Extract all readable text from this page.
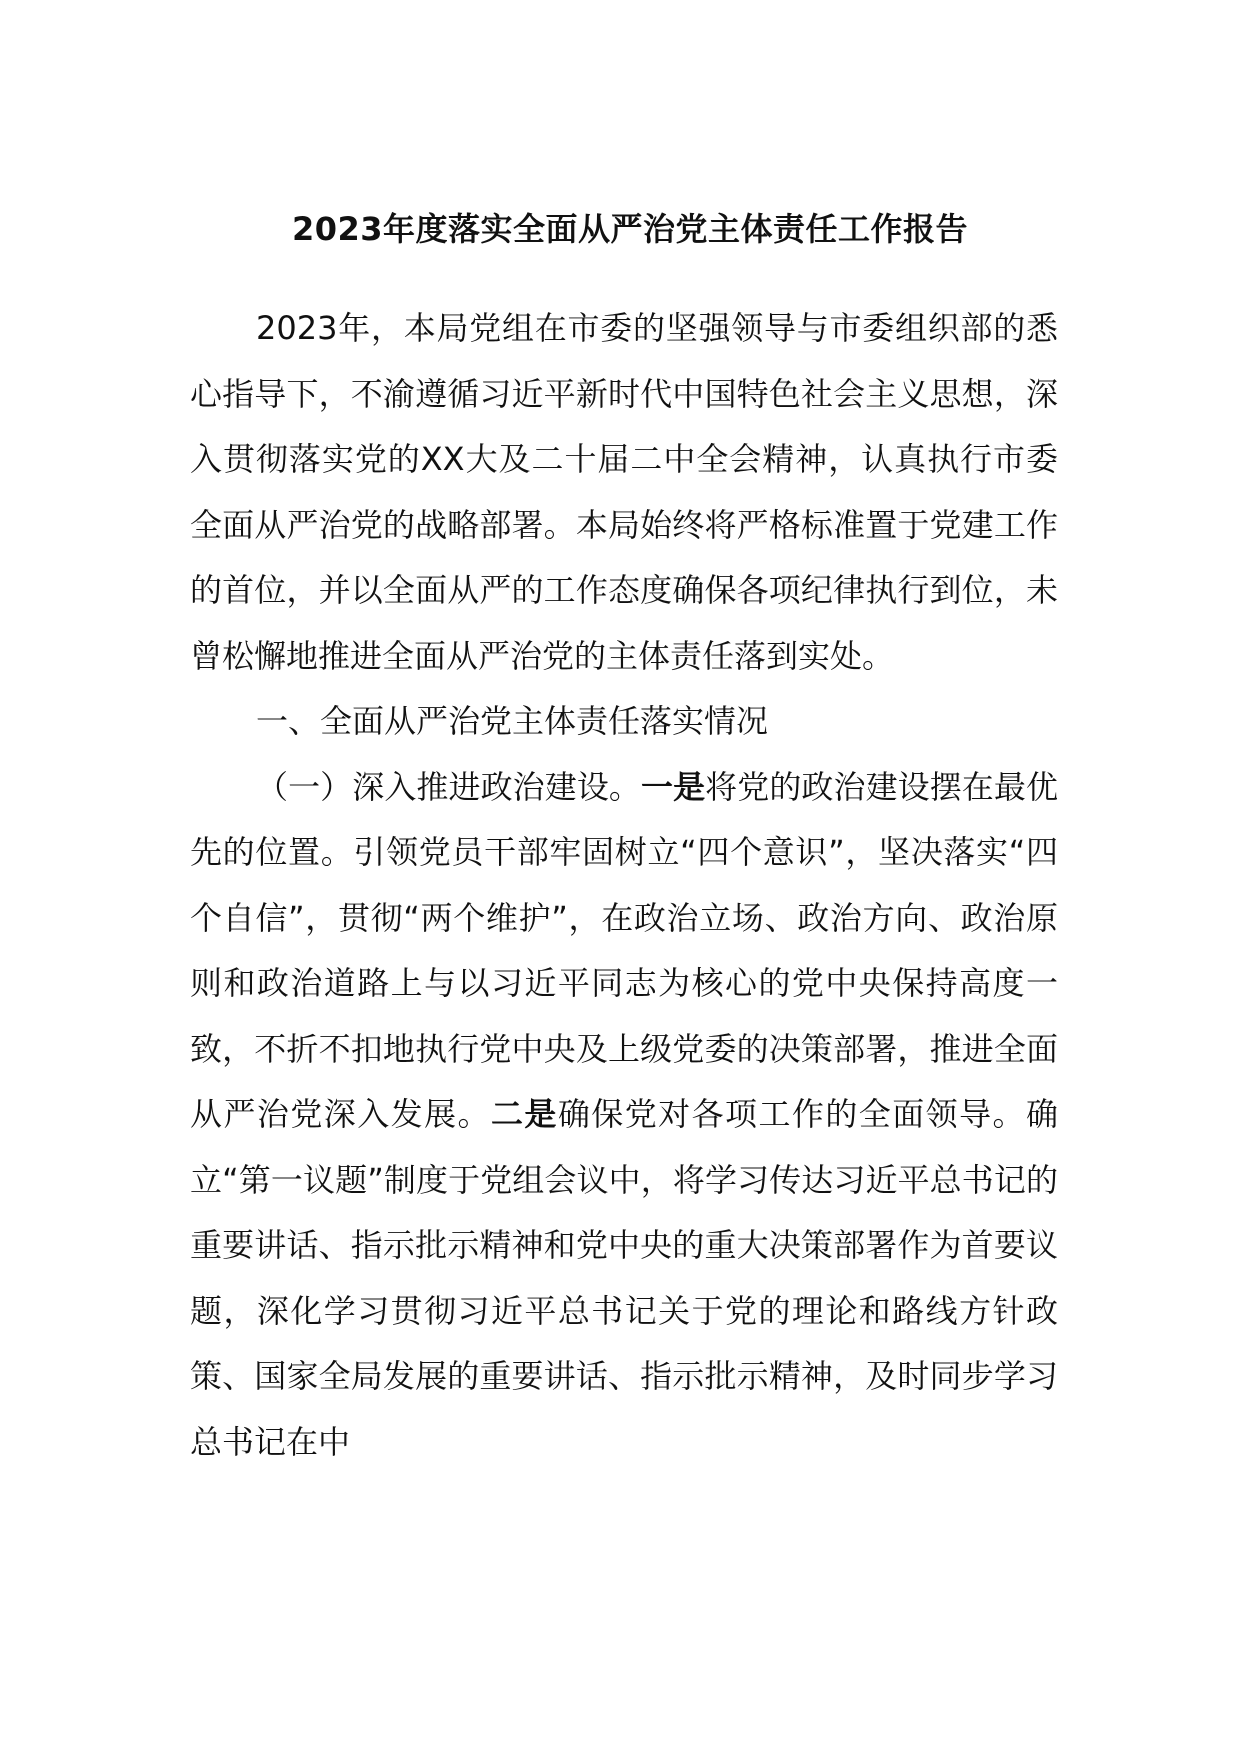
2023年度落实全面从严治党主体责任工作报告

2023年，本局党组在市委的坚强领导与市委组织部的悉心指导下，不渝遵循习近平新时代中国特色社会主义思想，深入贯彻落实党的XX大及二十届二中全会精神，认真执行市委全面从严治党的战略部署。本局始终将严格标准置于党建工作的首位，并以全面从严的工作态度确保各项纪律执行到位，未曾松懈地推进全面从严治党的主体责任落到实处。

一、全面从严治党主体责任落实情况

（一）深入推进政治建设。一是将党的政治建设摆在最优先的位置。引领党员干部牢固树立“四个意识”，坚决落实“四个自信”，贯彻“两个维护”，在政治立场、政治方向、政治原则和政治道路上与以习近平同志为核心的党中央保持高度一致，不折不扣地执行党中央及上级党委的决策部署，推进全面从严治党深入发展。二是确保党对各项工作的全面领导。确立“第一议题”制度于党组会议中，将学习传达习近平总书记的重要讲话、指示批示精神和党中央的重大决策部署作为首要议题，深化学习贯彻习近平总书记关于党的理论和路线方针政策、国家全局发展的重要讲话、指示批示精神，及时同步学习总书记在中
